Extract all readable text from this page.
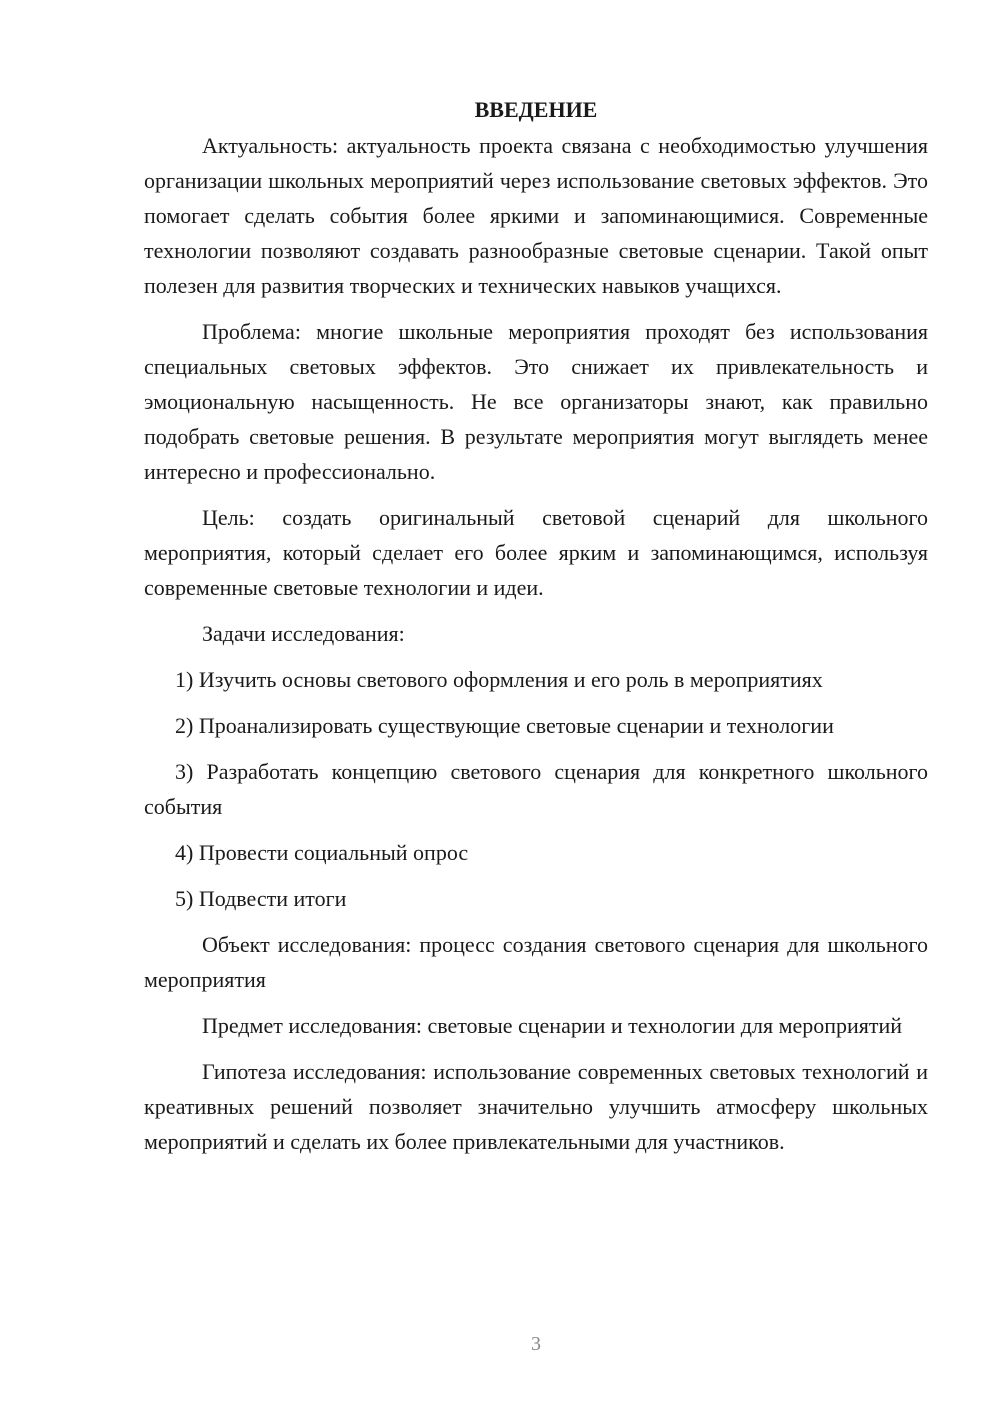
ВВЕДЕНИЕ

Актуальность: актуальность проекта связана с необходимостью улучшения организации школьных мероприятий через использование световых эффектов. Это помогает сделать события более яркими и запоминающимися. Современные технологии позволяют создавать разнообразные световые сценарии. Такой опыт полезен для развития творческих и технических навыков учащихся.

Проблема: многие школьные мероприятия проходят без использования специальных световых эффектов. Это снижает их привлекательность и эмоциональную насыщенность. Не все организаторы знают, как правильно подобрать световые решения. В результате мероприятия могут выглядеть менее интересно и профессионально.

Цель: создать оригинальный световой сценарий для школьного мероприятия, который сделает его более ярким и запоминающимся, используя современные световые технологии и идеи.

Задачи исследования:

1) Изучить основы светового оформления и его роль в мероприятиях

2) Проанализировать существующие световые сценарии и технологии

3) Разработать концепцию светового сценария для конкретного школьного события

4) Провести социальный опрос

5) Подвести итоги

Объект исследования: процесс создания светового сценария для школьного мероприятия

Предмет исследования: световые сценарии и технологии для мероприятий

Гипотеза исследования: использование современных световых технологий и креативных решений позволяет значительно улучшить атмосферу школьных мероприятий и сделать их более привлекательными для участников.

3
